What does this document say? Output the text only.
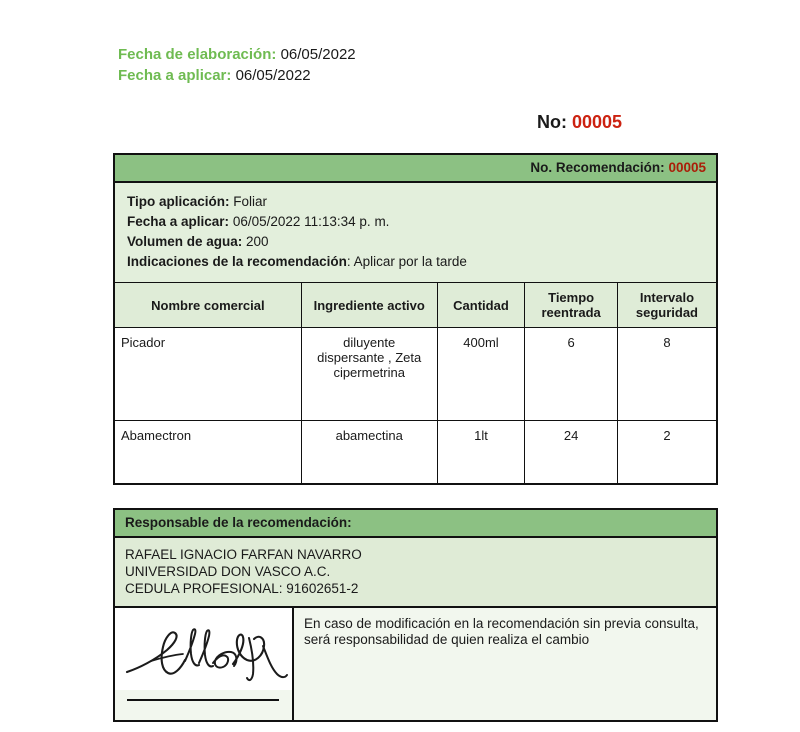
Fecha de elaboración: 06/05/2022
Fecha a aplicar: 06/05/2022
No: 00005
No. Recomendación: 00005
Tipo aplicación: Foliar
Fecha a aplicar: 06/05/2022 11:13:34 p. m.
Volumen de agua: 200
Indicaciones de la recomendación: Aplicar por la tarde
Nombre comercial	Ingrediente activo	Cantidad	Tiempo reentrada	Intervalo seguridad
Picador	diluyente dispersante , Zeta cipermetrina	400ml	6	8
Abamectron	abamectina	1lt	24	2
Responsable de la recomendación:
RAFAEL IGNACIO FARFAN NAVARRO
UNIVERSIDAD DON VASCO A.C.
CEDULA PROFESIONAL: 91602651-2
En caso de modificación en la recomendación sin previa consulta, será responsabilidad de quien realiza el cambio
